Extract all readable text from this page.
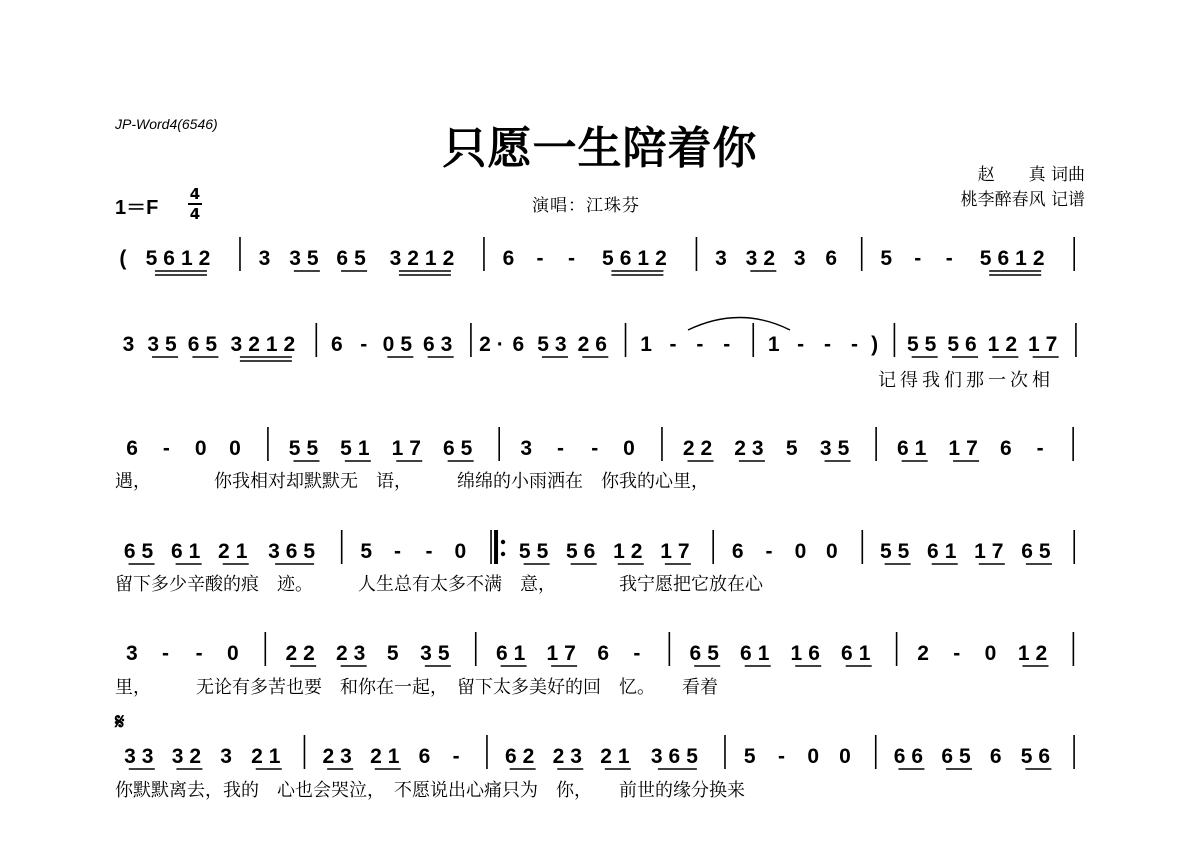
JP-Word4(6546)	只愿一生陪着你
演唱：江珠芬
赵　　真 词曲
桃李醉春风 记谱
1＝F
4
4
𝄋
( 5612 3 35 65 3212 6 - - 5612 3 32 3 6 5 - - 5612
3 35 65 3212 6 - 05 63 2· 6 53 26 1 - - - 1 - - - ) 55 56 12 17
6 - 0 0 55 51 17 65 3 - - 0 22 23 5 35 61 17 6 -
65 61 21 365 5 - - 0 55 56 12 17 6 - 0 0 55 61 17 65
3 - - 0 22 23 5 35 61 17 6 - 65 61 16 61 2 - 0 12
33 32 3 21 23 21 6 - 62 23 21 365 5 - 0 0 66 65 6 56
记得我们那一次相
遇，　　　　你我相对却默默无　语，　　　绵绵的小雨洒在　你我的心里，
留下多少辛酸的痕　迹。　　　人生总有太多不满　意，　　　　我宁愿把它放在心
里，　　　无论有多苦也要　和你在一起，　留下太多美好的回　忆。　　看着
你默默离去，我的　心也会哭泣，　不愿说出心痛只为　你，　　前世的缘分换来
